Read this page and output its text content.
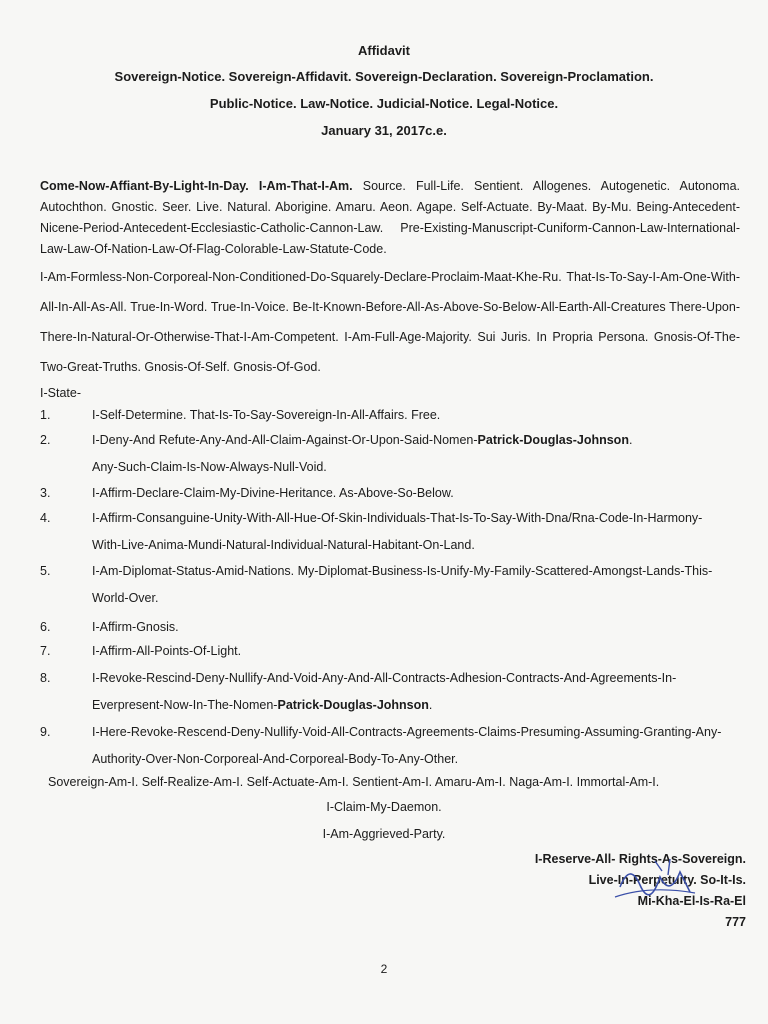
Affidavit
Sovereign-Notice. Sovereign-Affidavit. Sovereign-Declaration. Sovereign-Proclamation.
Public-Notice. Law-Notice. Judicial-Notice. Legal-Notice.
January 31, 2017c.e.
Come-Now-Affiant-By-Light-In-Day. I-Am-That-I-Am. Source. Full-Life. Sentient. Allogenes. Autogenetic. Autonoma. Autochthon. Gnostic. Seer. Live. Natural. Aborigine. Amaru. Aeon. Agape. Self-Actuate. By-Maat. By-Mu. Being-Antecedent-Nicene-Period-Antecedent-Ecclesiastic-Catholic-Cannon-Law. Pre-Existing-Manuscript-Cuniform-Cannon-Law-International-Law-Law-Of-Nation-Law-Of-Flag-Colorable-Law-Statute-Code.
I-Am-Formless-Non-Corporeal-Non-Conditioned-Do-Squarely-Declare-Proclaim-Maat-Khe-Ru. That-Is-To-Say-I-Am-One-With-All-In-All-As-All. True-In-Word. True-In-Voice. Be-It-Known-Before-All-As-Above-So-Below-All-Earth-All-Creatures There-Upon-There-In-Natural-Or-Otherwise-That-I-Am-Competent. I-Am-Full-Age-Majority. Sui Juris. In Propria Persona. Gnosis-Of-The-Two-Great-Truths. Gnosis-Of-Self. Gnosis-Of-God.
I-State-
1.	I-Self-Determine. That-Is-To-Say-Sovereign-In-All-Affairs. Free.
2.	I-Deny-And Refute-Any-And-All-Claim-Against-Or-Upon-Said-Nomen-Patrick-Douglas-Johnson.
Any-Such-Claim-Is-Now-Always-Null-Void.
3.	I-Affirm-Declare-Claim-My-Divine-Heritance. As-Above-So-Below.
4.	I-Affirm-Consanguine-Unity-With-All-Hue-Of-Skin-Individuals-That-Is-To-Say-With-Dna/Rna-Code-In-Harmony-
With-Live-Anima-Mundi-Natural-Individual-Natural-Habitant-On-Land.
5.	I-Am-Diplomat-Status-Amid-Nations. My-Diplomat-Business-Is-Unify-My-Family-Scattered-Amongst-Lands-This-
World-Over.
6.	I-Affirm-Gnosis.
7.	I-Affirm-All-Points-Of-Light.
8.	I-Revoke-Rescind-Deny-Nullify-And-Void-Any-And-All-Contracts-Adhesion-Contracts-And-Agreements-In-
Everpresent-Now-In-The-Nomen-Patrick-Douglas-Johnson.
9.	I-Here-Revoke-Rescend-Deny-Nullify-Void-All-Contracts-Agreements-Claims-Presuming-Assuming-Granting-Any-
Authority-Over-Non-Corporeal-And-Corporeal-Body-To-Any-Other.
Sovereign-Am-I. Self-Realize-Am-I. Self-Actuate-Am-I. Sentient-Am-I. Amaru-Am-I. Naga-Am-I. Immortal-Am-I.
I-Claim-My-Daemon.
I-Am-Aggrieved-Party.
I-Reserve-All- Rights-As-Sovereign.
Live-In-Perpetuity. So-It-Is.
Mi-Kha-El-Is-Ra-El
777
2
